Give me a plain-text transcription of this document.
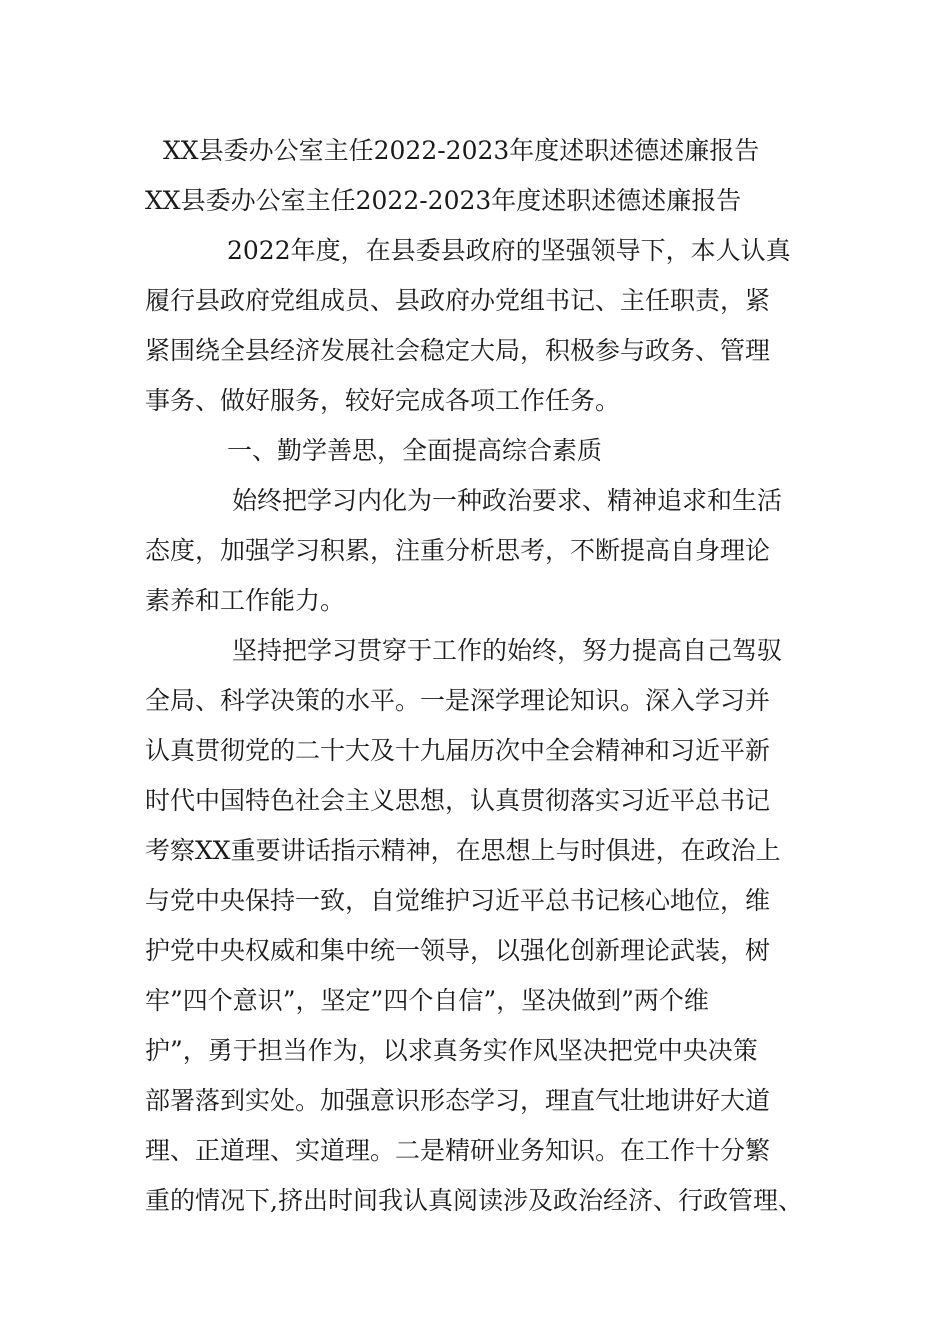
XX县委办公室主任2022-2023年度述职述德述廉报告
XX县委办公室主任2022-2023年度述职述德述廉报告
2022年度，在县委县政府的坚强领导下，本人认真
履行县政府党组成员、县政府办党组书记、主任职责，紧
紧围绕全县经济发展社会稳定大局，积极参与政务、管理
事务、做好服务，较好完成各项工作任务。
一、勤学善思，全面提高综合素质
始终把学习内化为一种政治要求、精神追求和生活
态度，加强学习积累，注重分析思考，不断提高自身理论
素养和工作能力。
坚持把学习贯穿于工作的始终，努力提高自己驾驭
全局、科学决策的水平。一是深学理论知识。深入学习并
认真贯彻党的二十大及十九届历次中全会精神和习近平新
时代中国特色社会主义思想，认真贯彻落实习近平总书记
考察XX重要讲话指示精神，在思想上与时俱进，在政治上
与党中央保持一致，自觉维护习近平总书记核心地位，维
护党中央权威和集中统一领导，以强化创新理论武装，树
牢”四个意识”，坚定”四个自信”，坚决做到”两个维
护”，勇于担当作为，以求真务实作风坚决把党中央决策
部署落到实处。加强意识形态学习，理直气壮地讲好大道
理、正道理、实道理。二是精研业务知识。在工作十分繁
重的情况下,挤出时间我认真阅读涉及政治经济、行政管理、
